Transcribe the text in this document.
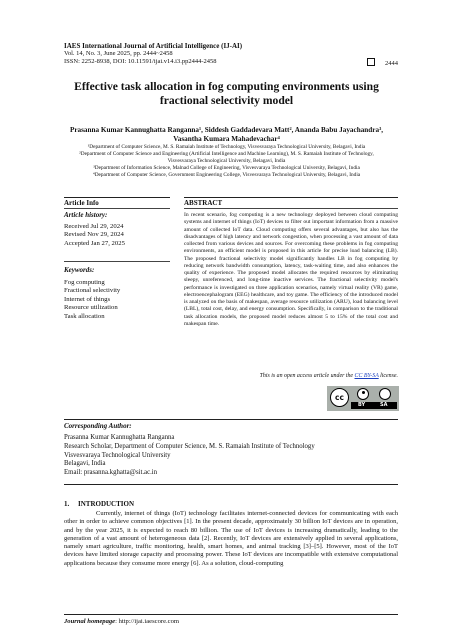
IAES International Journal of Artificial Intelligence (IJ-AI)
Vol. 14, No. 3, June 2025, pp. 2444~2458
ISSN: 2252-8938, DOI: 10.11591/ijai.v14.i3.pp2444-2458	2444
Effective task allocation in fog computing environments using
fractional selectivity model
Prasanna Kumar Kannughatta Ranganna¹, Siddesh Gaddadevara Matt², Ananda Babu Jayachandra³,
Vasantha Kumara Mahadevachar⁴
¹Department of Computer Science, M. S. Ramaiah Institute of Technology, Visvesvaraya Technological University, Belagavi, India
²Department of Computer Science and Engineering (Artificial Intelligence and Machine Learning), M. S. Ramaiah Institute of Technology,
Visvesvaraya Technological University, Belagavi, India
³Department of Information Science, Malnad College of Engineering, Visvesvaraya Technological University, Belagavi, India
⁴Department of Computer Science, Government Engineering College, Visvesvaraya Technological University, Belagavi, India
Article Info	ABSTRACT
Article history:
Received Jul 29, 2024
Revised Nov 29, 2024
Accepted Jan 27, 2025
Keywords:
Fog computing
Fractional selectivity
Internet of things
Resource utilization
Task allocation
In recent scenario, fog computing is a new technology deployed between cloud computing systems and internet of things (IoT) devices to filter out important information from a massive amount of collected IoT data. Cloud computing offers several advantages, but also has the disadvantages of high latency and network congestion, when processing a vast amount of data collected from various devices and sources. For overcoming these problems in fog computing environments, an efficient model is proposed in this article for precise load balancing (LB). The proposed fractional selectivity model significantly handles LB in fog computing by reducing network bandwidth consumption, latency, task-waiting time, and also enhances the quality of experience. The proposed model allocates the required resources by eliminating sleepy, unreferenced, and long-time inactive services. The fractional selectivity model's performance is investigated on three application scenarios, namely virtual reality (VR) game, electroencephalogram (EEG) healthcare, and toy game. The efficiency of the introduced model is analyzed on the basis of makespan, average resource utilization (ARU), load balancing level (LBL), total cost, delay, and energy consumption. Specifically, in comparison to the traditional task allocation models, the proposed model reduces almost 5 to 15% of the total cost and makespan time.
This is an open access article under the CC BY-SA license.
cc
BY	SA
Corresponding Author:
Prasanna Kumar Kannughatta Ranganna
Research Scholar, Department of Computer Science, M. S. Ramaiah Institute of Technology
Visvesvaraya Technological University
Belagavi, India
Email: prasanna.kghatta@sit.ac.in
1.     INTRODUCTION
Currently, internet of things (IoT) technology facilitates internet-connected devices for communicating with each other in order to achieve common objectives [1]. In the present decade, approximately 30 billion IoT devices are in operation, and by the year 2025, it is expected to reach 80 billion. The use of IoT devices is increasing dramatically, leading to the generation of a vast amount of heterogeneous data [2]. Recently, IoT devices are extensively applied in several applications, namely smart agriculture, traffic monitoring, health, smart homes, and animal tracking [3]–[5]. However, most of the IoT devices have limited storage capacity and processing power. These IoT devices are incompatible with extensive computational applications because they consume more energy [6]. As a solution, cloud-computing
Journal homepage: http://ijai.iaescore.com
